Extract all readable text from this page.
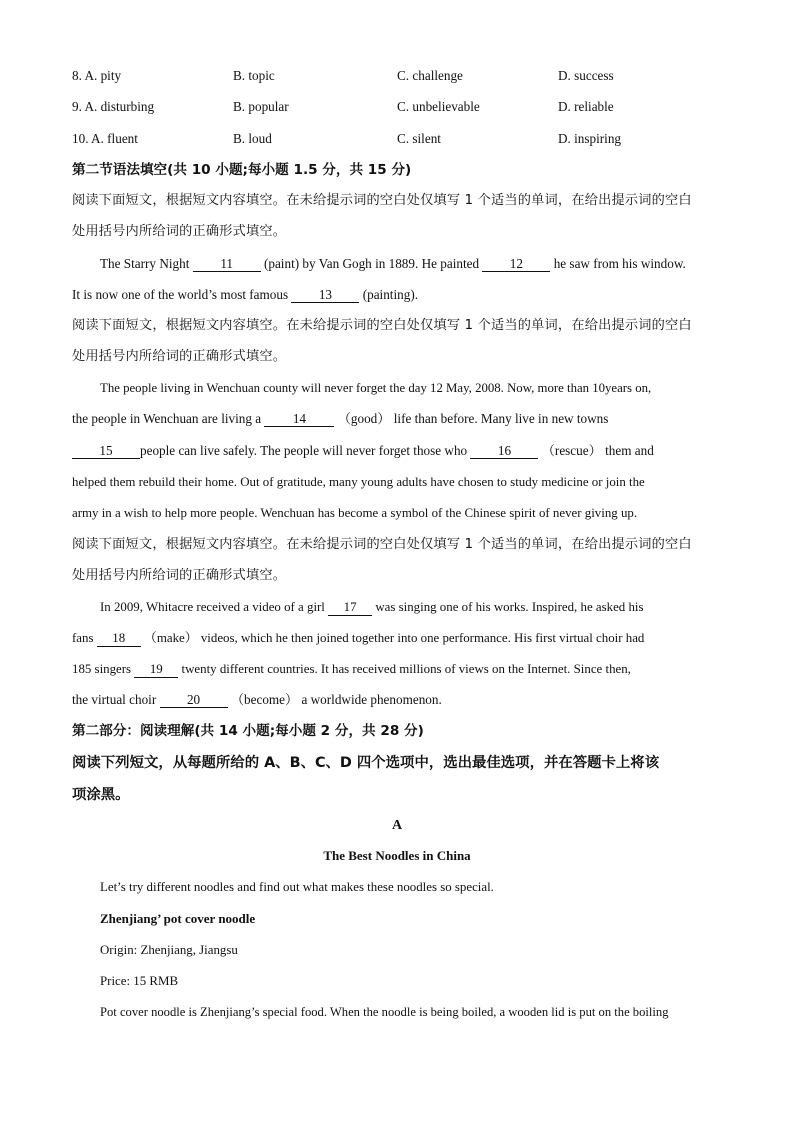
8. A. pity	B. topic	C. challenge	D. success
9. A. disturbing	B. popular	C. unbelievable	D. reliable
10. A. fluent	B. loud	C. silent	D. inspiring
第二节语法填空(共 10 小题;每小题 1.5 分，共 15 分)
阅读下面短文，根据短文内容填空。在未给提示词的空白处仅填写 1 个适当的单词，在给出提示词的空白
处用括号内所给词的正确形式填空。
The Starry Night 11 (paint) by Van Gogh in 1889. He painted 12 he saw from his window.
It is now one of the world’s most famous 13 (painting).
阅读下面短文，根据短文内容填空。在未给提示词的空白处仅填写 1 个适当的单词，在给出提示词的空白
处用括号内所给词的正确形式填空。
The people living in Wenchuan county will never forget the day 12 May, 2008. Now, more than 10years on,
the people in Wenchuan are living a 14 （good） life than before. Many live in new towns
15 people can live safely. The people will never forget those who 16 （rescue） them and
helped them rebuild their home. Out of gratitude, many young adults have chosen to study medicine or join the
army in a wish to help more people. Wenchuan has become a symbol of the Chinese spirit of never giving up.
阅读下面短文，根据短文内容填空。在未给提示词的空白处仅填写 1 个适当的单词，在给出提示词的空白
处用括号内所给词的正确形式填空。
In 2009, Whitacre received a video of a girl 17 was singing one of his works. Inspired, he asked his
fans 18 （make） videos, which he then joined together into one performance. His first virtual choir had
185 singers 19 twenty different countries. It has received millions of views on the Internet. Since then,
the virtual choir 20 （become） a worldwide phenomenon.
第二部分：阅读理解(共 14 小题;每小题 2 分，共 28 分)
阅读下列短文，从每题所给的 A、B、C、D 四个选项中，选出最佳选项，并在答题卡上将该
项涂黑。
A
The Best Noodles in China
Let’s try different noodles and find out what makes these noodles so special.
Zhenjiang’ pot cover noodle
Origin: Zhenjiang, Jiangsu
Price: 15 RMB
Pot cover noodle is Zhenjiang’s special food. When the noodle is being boiled, a wooden lid is put on the boiling
